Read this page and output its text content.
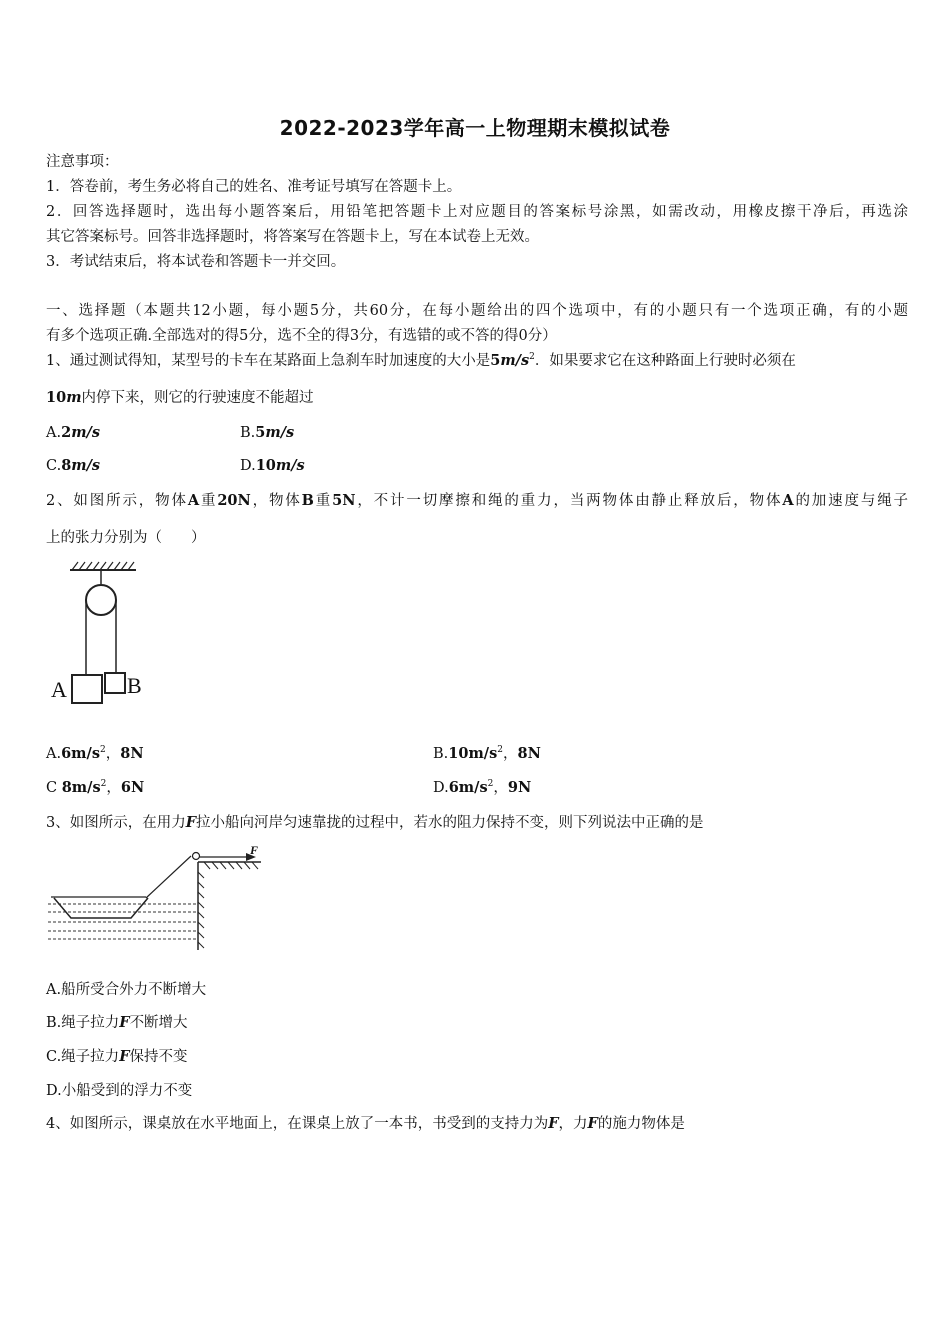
2022-2023学年高一上物理期末模拟试卷
注意事项：
1．答卷前，考生务必将自己的姓名、准考证号填写在答题卡上。
2．回答选择题时，选出每小题答案后，用铅笔把答题卡上对应题目的答案标号涂黑，如需改动，用橡皮擦干净后，再选涂
其它答案标号。回答非选择题时，将答案写在答题卡上，写在本试卷上无效。
3．考试结束后，将本试卷和答题卡一并交回。
一、选择题（本题共12小题，每小题5分，共60分，在每小题给出的四个选项中，有的小题只有一个选项正确，有的小题
有多个选项正确.全部选对的得5分，选不全的得3分，有选错的或不答的得0分）
1、通过测试得知，某型号的卡车在某路面上急刹车时加速度的大小是$5m/s^2$．如果要求它在这种路面上行驶时必须在
10m内停下来，则它的行驶速度不能超过
A.2m/s	B.5m/s
C.8m/s	D.10m/s
2、如图所示，物体A重20N，物体B重5N，不计一切摩擦和绳的重力，当两物体由静止释放后，物体A的加速度与绳子
上的张力分别为（　　）
A	B
$A.6m/s^2$，8N	$B.10m/s^2$，8N
C $8m/s^2$，6N	$D.6m/s^2$，9N
3、如图所示，在用力F拉小船向河岸匀速靠拢的过程中，若水的阻力保持不变，则下列说法中正确的是
F
A.船所受合外力不断增大
B.绳子拉力F不断增大
C.绳子拉力F保持不变
D.小船受到的浮力不变
4、如图所示，课桌放在水平地面上，在课桌上放了一本书，书受到的支持力为F，力F的施力物体是
